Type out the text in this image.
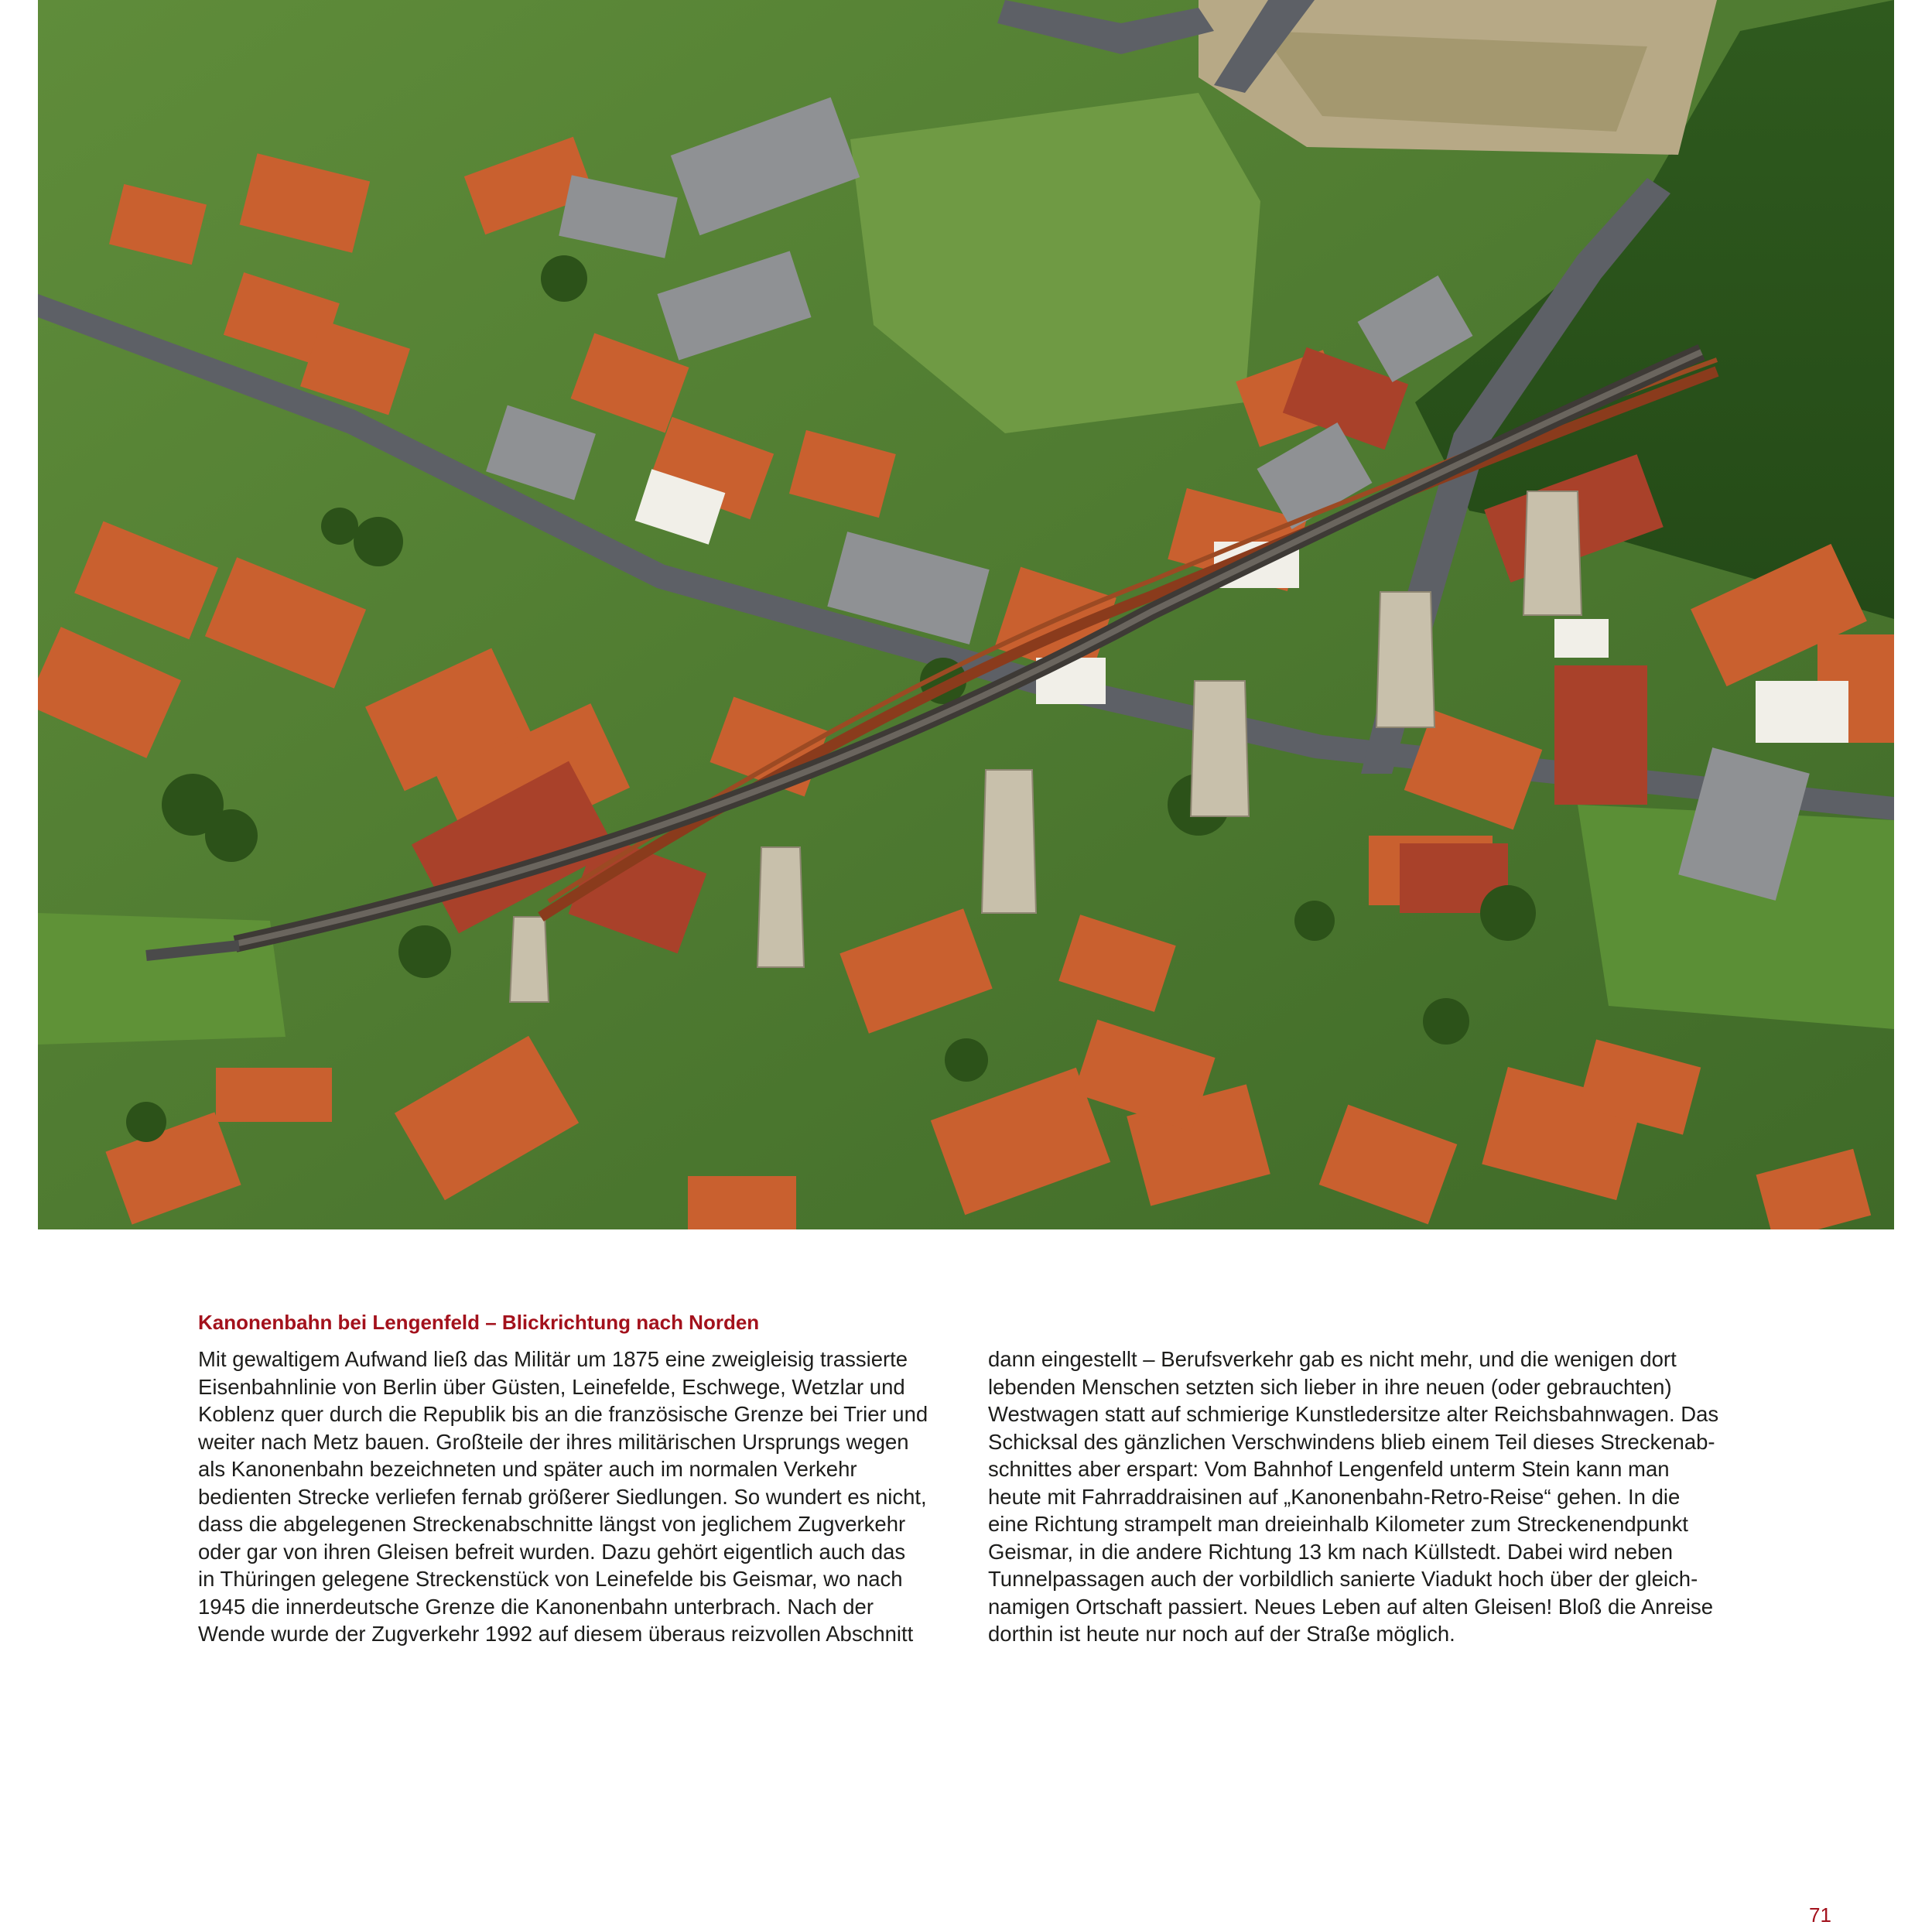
Kanonenbahn bei Lengenfeld – Blickrichtung nach Norden

Mit gewaltigem Aufwand ließ das Militär um 1875 eine zweigleisig trassierte
Eisenbahnlinie von Berlin über Güsten, Leinefelde, Eschwege, Wetzlar und
Koblenz quer durch die Republik bis an die französische Grenze bei Trier und
weiter nach Metz bauen. Großteile der ihres militärischen Ursprungs wegen
als Kanonenbahn bezeichneten und später auch im normalen Verkehr
bedienten Strecke verliefen fernab größerer Siedlungen. So wundert es nicht,
dass die abgelegenen Streckenabschnitte längst von jeglichem Zugverkehr
oder gar von ihren Gleisen befreit wurden. Dazu gehört eigentlich auch das
in Thüringen gelegene Streckenstück von Leinefelde bis Geismar, wo nach
1945 die innerdeutsche Grenze die Kanonenbahn unterbrach. Nach der
Wende wurde der Zugverkehr 1992 auf diesem überaus reizvollen Abschnitt

dann eingestellt – Berufsverkehr gab es nicht mehr, und die wenigen dort
lebenden Menschen setzten sich lieber in ihre neuen (oder gebrauchten)
Westwagen statt auf schmierige Kunstledersitze alter Reichsbahnwagen. Das
Schicksal des gänzlichen Verschwindens blieb einem Teil dieses Streckenab-
schnittes aber erspart: Vom Bahnhof Lengenfeld unterm Stein kann man
heute mit Fahrraddraisinen auf „Kanonenbahn-Retro-Reise“ gehen. In die
eine Richtung strampelt man dreieinhalb Kilometer zum Streckenendpunkt
Geismar, in die andere Richtung 13 km nach Küllstedt. Dabei wird neben
Tunnelpassagen auch der vorbildlich sanierte Viadukt hoch über der gleich-
namigen Ortschaft passiert. Neues Leben auf alten Gleisen! Bloß die Anreise
dorthin ist heute nur noch auf der Straße möglich.

71
